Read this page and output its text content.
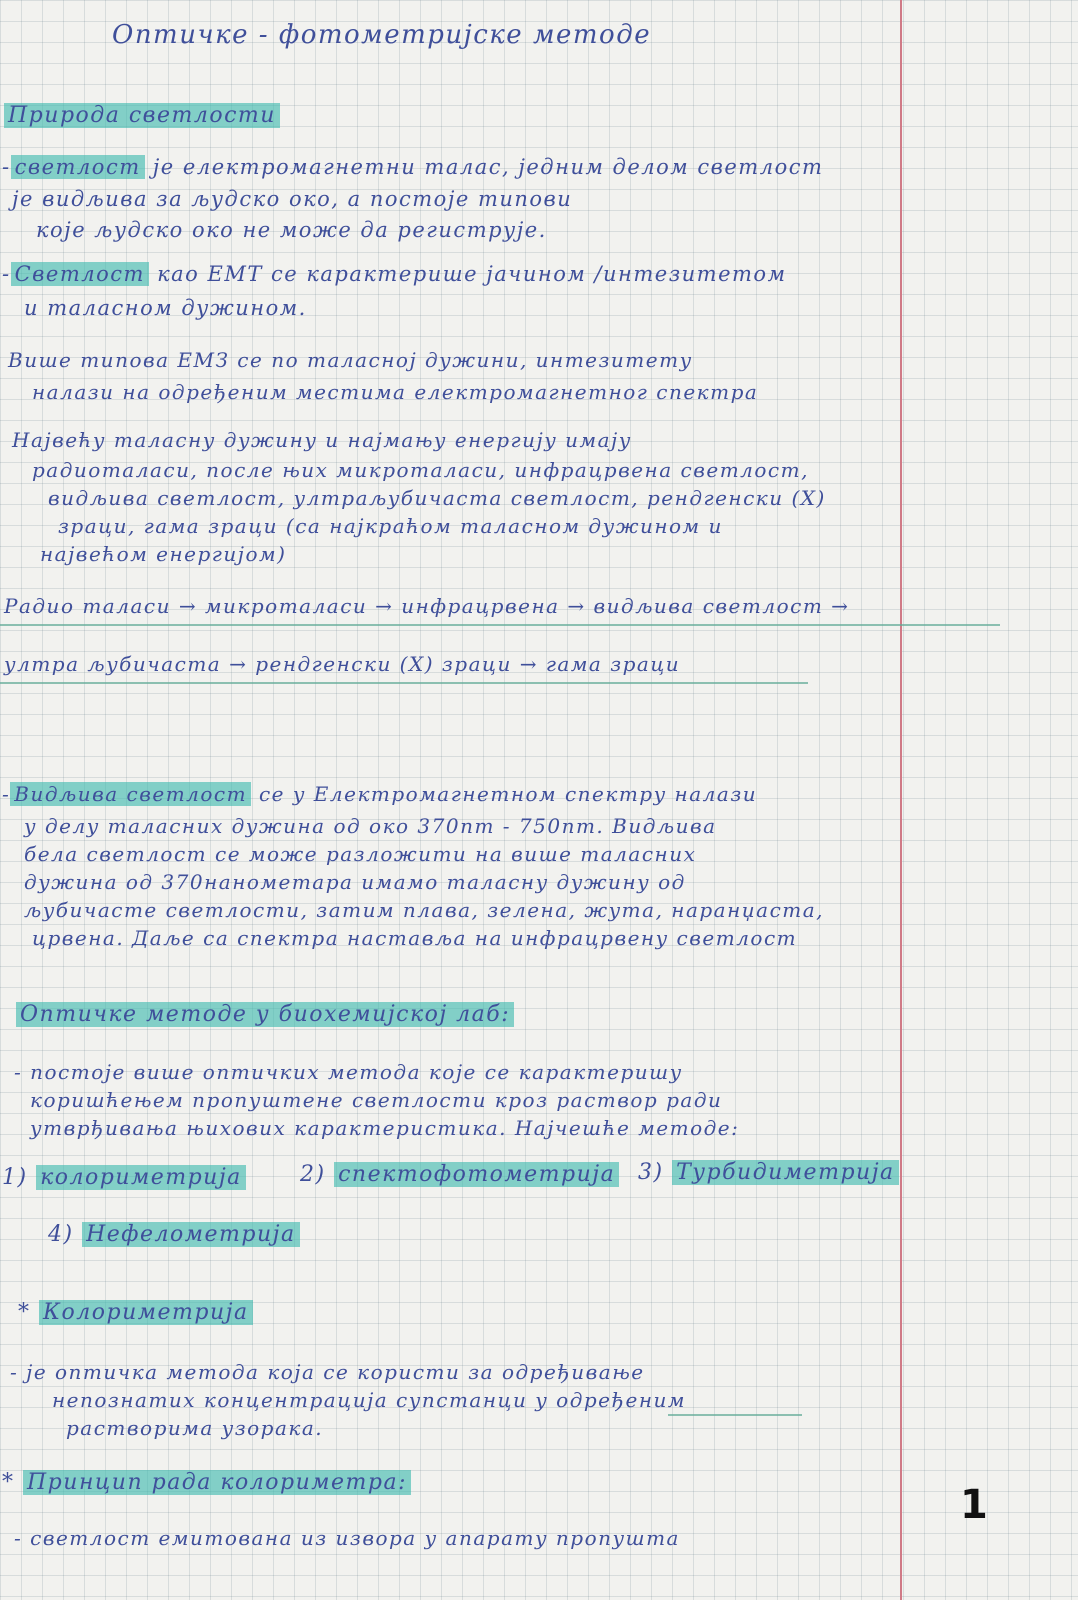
Оптичке - фотометријске методе
Природа светлости
- светлост је електромагнетни талас, једним делом светлост
је видљива за људско око, а постоје типови
које људско око не може да региструје.
- Светлост као ЕМТ се карактерише јачином /интезитетом
и таласном дужином.
Више типова ЕМЗ се по таласној дужини, интезитету
налази на одређеним местима електромагнетног спектра
Највећу таласну дужину и најмању енергију имају
радиоталаси, после њих микроталаси, инфрацрвена светлост,
видљива светлост, ултраљубичаста светлост, рендгенски (X)
зраци, гама зраци (са најкраћом таласном дужином и
највећом енергијом)
Радио таласи → микроталаси → инфрацрвена → видљива светлост →
ултра љубичаста → рендгенски (X) зраци → гама зраци
- Видљива светлост се у Електромагнетном спектру налази
у делу таласних дужина од око 370nm - 750nm. Видљива
бела светлост се може разложити на више таласних
дужина од 370нанометара имамо таласну дужину од
љубичасте светлости, затим плава, зелена, жута, наранџаста,
црвена. Даље са спектра наставља на инфрацрвену светлост
Оптичке методе у биохемијској лаб:
- постоје више оптичких метода које се карактеришу
коришћењем пропуштене светлости кроз раствор ради
утврђивања њихових карактеристика. Најчешће методе:
1) колориметрија	2) спектофотометрија 3) Турбидиметрија
4) Нефелометрија
* Колориметрија
- је оптичка метода која се користи за одређивање
непознатих концентрација супстанци у одређеним
растворима узорака.
* Принцип рада колориметра:
- светлост емитована из извора у апарату пропушта
1
